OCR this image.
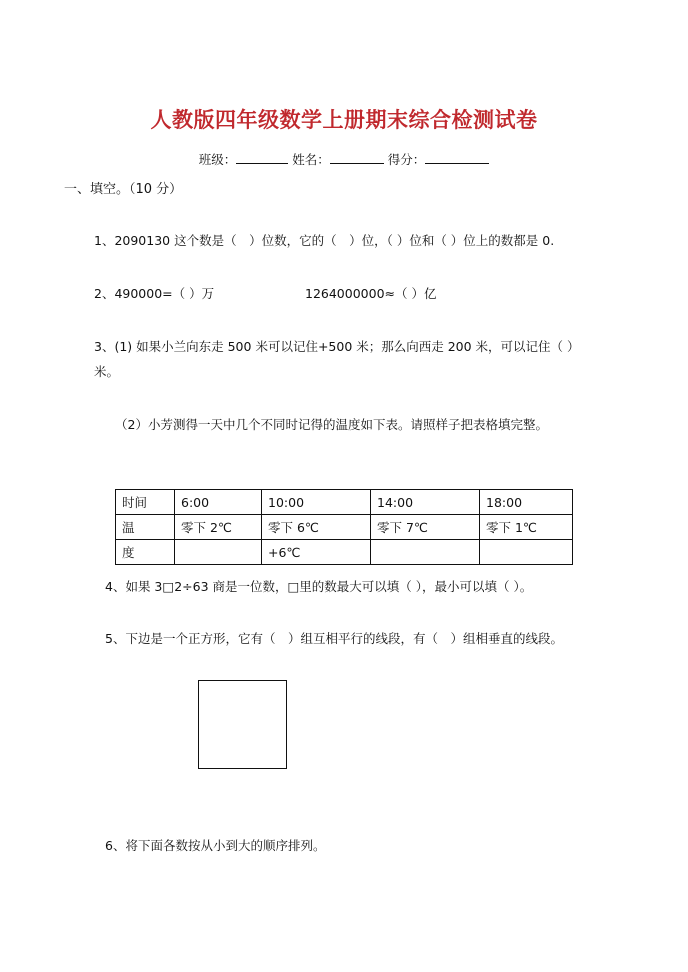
人教版四年级数学上册期末综合检测试卷
班级：	姓名：	得分：
一、填空。（10 分）
1、2090130 这个数是（　）位数，它的（　）位，（ ）位和（ ）位上的数都是 0.
2、490000=（ ）万	1264000000≈（ ）亿
3、(1) 如果小兰向东走 500 米可以记住+500 米；那么向西走 200 米，可以记住（ ）
米。
（2）小芳测得一天中几个不同时记得的温度如下表。请照样子把表格填完整。
时间	6:00	10:00	14:00	18:00
温	零下 2℃	零下 6℃	零下 7℃	零下 1℃
度		+6℃		
4、如果 3□2÷63 商是一位数，□里的数最大可以填（ ），最小可以填（ ）。
5、下边是一个正方形，它有（　）组互相平行的线段，有（　）组相垂直的线段。
6、将下面各数按从小到大的顺序排列。
